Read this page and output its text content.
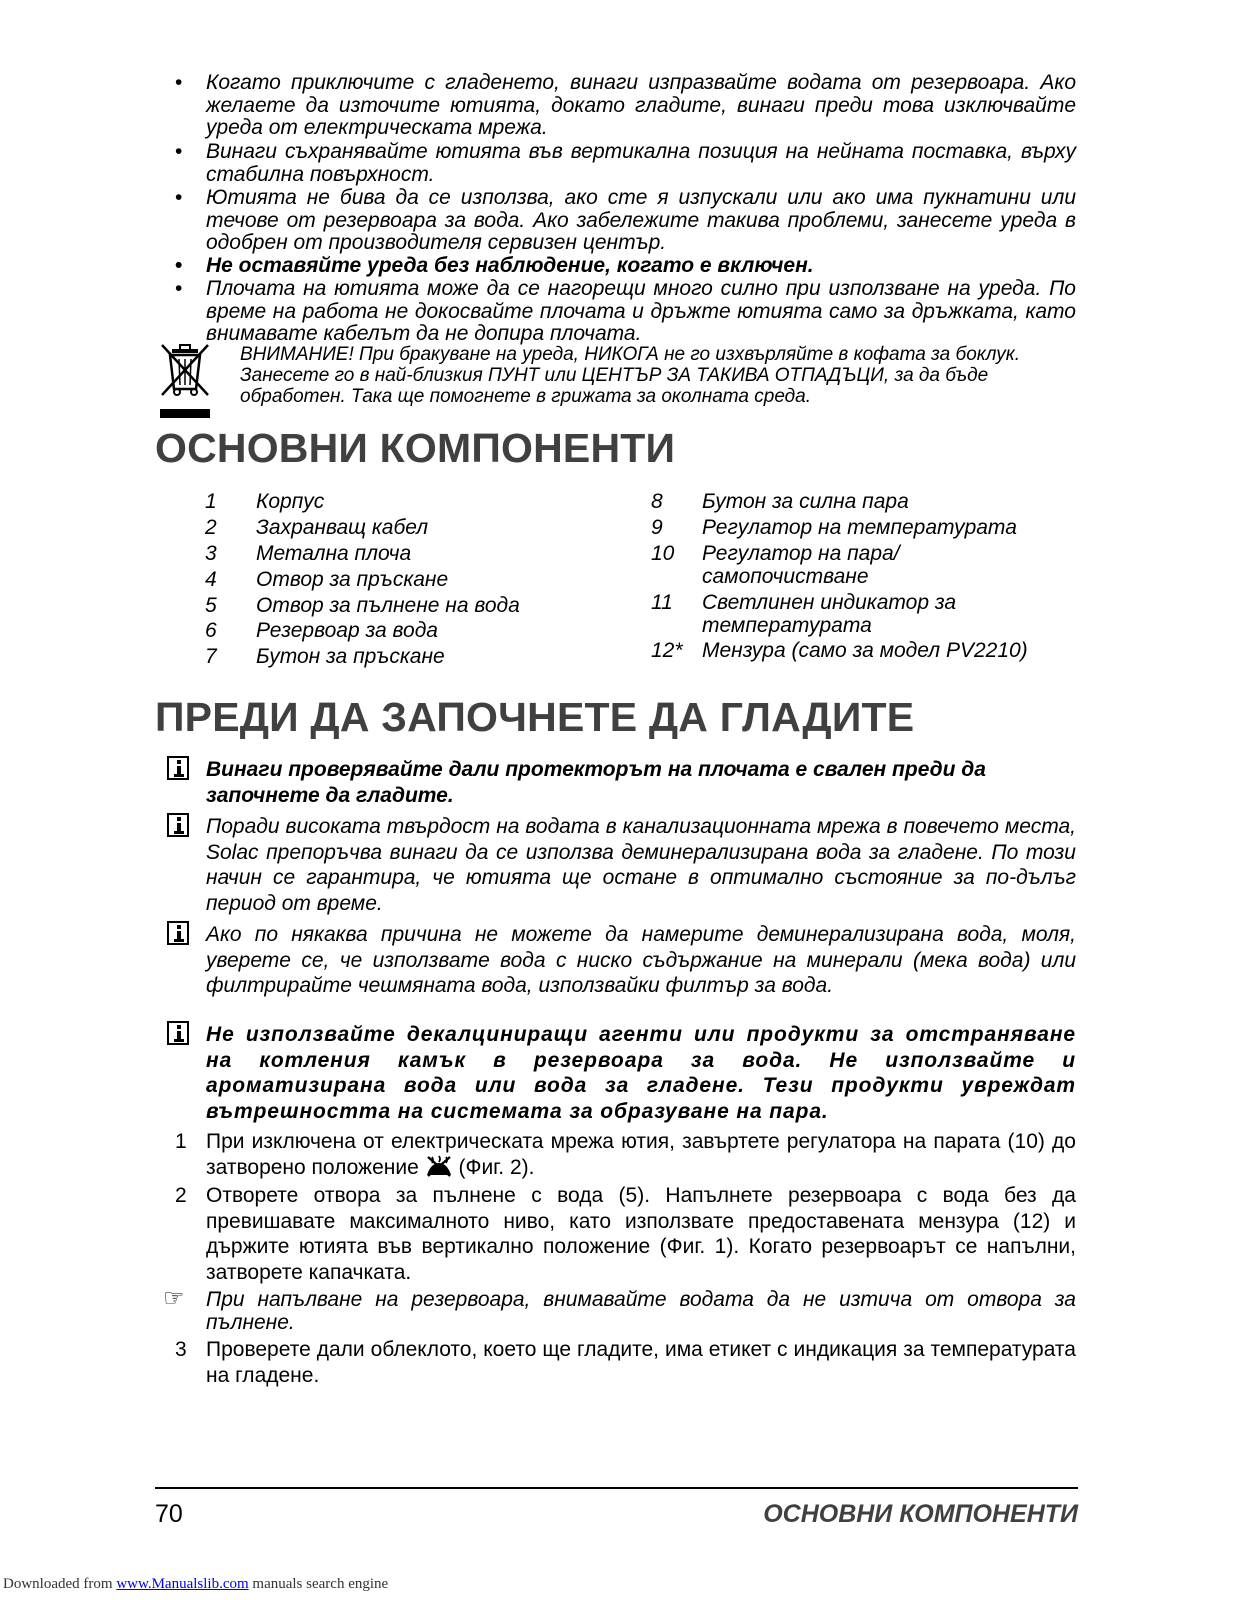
• Когато приключите с гладенето, винаги изпразвайте водата от резервоара. Ако желаете да източите ютията, докато гладите, винаги преди това изключвайте уреда от електрическата мрежа.
• Винаги съхранявайте ютията във вертикална позиция на нейната поставка, върху стабилна повърхност.
• Ютията не бива да се използва, ако сте я изпускали или ако има пукнатини или течове от резервоара за вода. Ако забележите такива проблеми, занесете уреда в одобрен от производителя сервизен център.
• Не оставяйте уреда без наблюдение, когато е включен.
• Плочата на ютията може да се нагорещи много силно при използване на уреда. По време на работа не докосвайте плочата и дръжте ютията само за дръжката, като внимавате кабелът да не допира плочата.
ВНИМАНИЕ! При бракуване на уреда, НИКОГА не го изхвърляйте в кофата за боклук. Занесете го в най-близкия ПУНТ или ЦЕНТЪР ЗА ТАКИВА ОТПАДЪЦИ, за да бъде обработен. Така ще помогнете в грижата за околната среда.
ОСНОВНИ КОМПОНЕНТИ
1 Корпус
2 Захранващ кабел
3 Метална плоча
4 Отвор за пръскане
5 Отвор за пълнене на вода
6 Резервоар за вода
7 Бутон за пръскане
8 Бутон за силна пара
9 Регулатор на температурата
10 Регулатор на пара/
самопочистване
11 Светлинен индикатор за
температурата
12* Мензура (само за модел PV2210)
ПРЕДИ ДА ЗАПОЧНЕТЕ ДА ГЛАДИТЕ
Винаги проверявайте дали протекторът на плочата е свален преди да започнете да гладите.
Поради високата твърдост на водата в канализационната мрежа в повечето места, Solac препоръчва винаги да се използва деминерализирана вода за гладене. По този начин се гарантира, че ютията ще остане в оптимално състояние за по-дълъг период от време.
Ако по някаква причина не можете да намерите деминерализирана вода, моля, уверете се, че използвате вода с ниско съдържание на минерали (мека вода) или филтрирайте чешмяната вода, използвайки филтър за вода.
Не използвайте декалциниращи агенти или продукти за отстраняване на котления камък в резервоара за вода. Не използвайте и ароматизирана вода или вода за гладене. Тези продукти увреждат вътрешността на системата за образуване на пара.
1 При изключена от електрическата мрежа ютия, завъртете регулатора на парата (10) до затворено положение (Фиг. 2).
2 Отворете отвора за пълнене с вода (5). Напълнете резервоара с вода без да превишавате максималното ниво, като използвате предоставената мензура (12) и държите ютията във вертикално положение (Фиг. 1). Когато резервоарът се напълни, затворете капачката.
☞ При напълване на резервоара, внимавайте водата да не изтича от отвора за пълнене.
3 Проверете дали облеклото, което ще гладите, има етикет с индикация за температурата на гладене.
70	ОСНОВНИ КОМПОНЕНТИ
Downloaded from www.Manualslib.com manuals search engine
